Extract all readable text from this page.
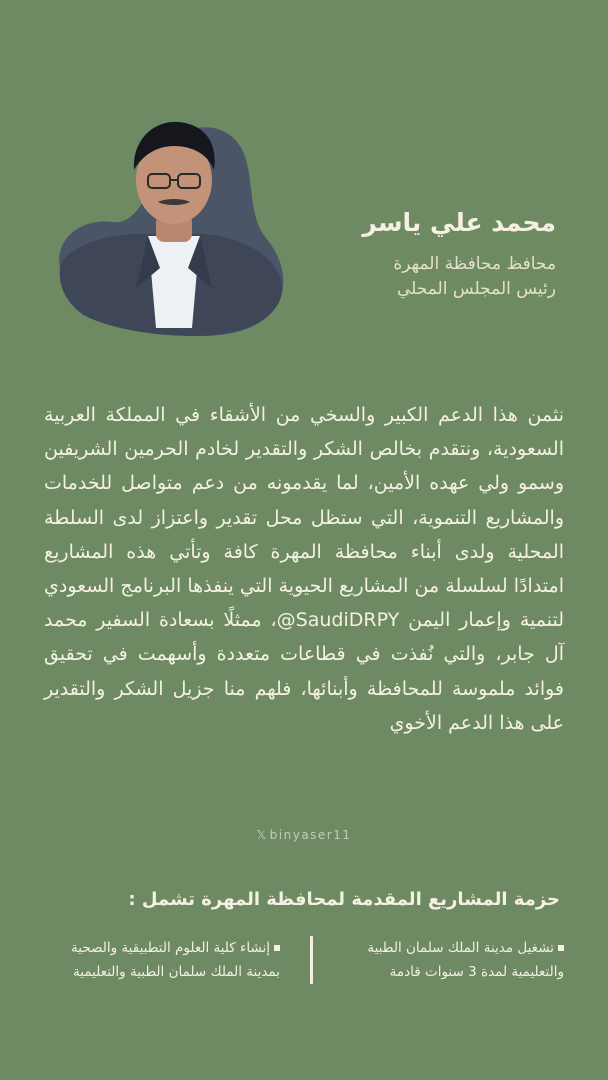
محمد علي ياسر
محافظ محافظة المهرة
رئيس المجلس المحلي

نثمن هذا الدعم الكبير والسخي من الأشقاء في المملكة العربية السعودية، ونتقدم بخالص الشكر والتقدير لخادم الحرمين الشريفين وسمو ولي عهده الأمين، لما يقدمونه من دعم متواصل للخدمات والمشاريع التنموية، التي ستظل محل تقدير واعتزاز لدى السلطة المحلية ولدى أبناء محافظة المهرة كافة وتأتي هذه المشاريع امتدادًا لسلسلة من المشاريع الحيوية التي ينفذها البرنامج السعودي لتنمية وإعمار اليمن ‎@SaudiDRPY،‏ ممثلًا بسعادة السفير محمد آل جابر، والتي نُفذت في قطاعات متعددة وأسهمت في تحقيق فوائد ملموسة للمحافظة وأبنائها، فلهم منا جزيل الشكر والتقدير على هذا الدعم الأخوي

𝕏 binyaser11
حزمة المشاريع المقدمة لمحافظة المهرة تشمل :
تشغيل مدينة الملك سلمان الطبية والتعليمية لمدة 3 سنوات قادمة
إنشاء كلية العلوم التطبيقية والصحية بمدينة الملك سلمان الطبية والتعليمية
